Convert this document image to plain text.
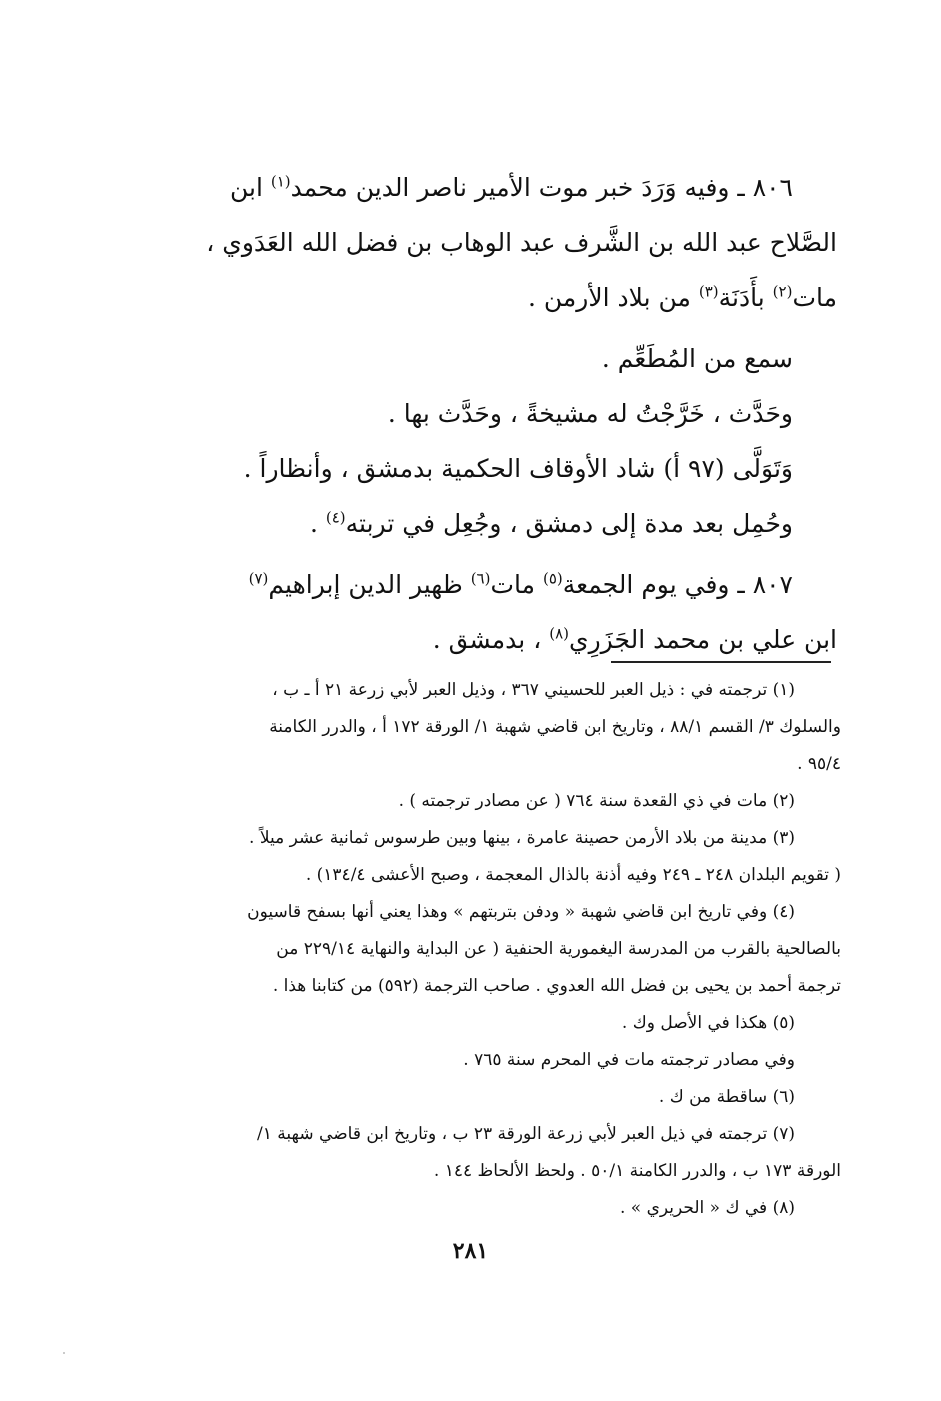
٨٠٦ ـ وفيه وَرَدَ خبر موت الأمير ناصر الدين محمد$^{(١)}$ ابن
الصَّلاح عبد الله بن الشَّرف عبد الوهاب بن فضل الله العَدَوي ،
مات$^{(٢)}$ بأَدَنَة$^{(٣)}$ من بلاد الأرمن .
سمع من المُطَعِّم .
وحَدَّث ، خَرَّجْتُ له مشيخةً ، وحَدَّث بها .
وَتَوَلَّى (٩٧ أ) شاد الأوقاف الحكمية بدمشق ، وأنظاراً .
وحُمِل بعد مدة إلى دمشق ، وجُعِل في تربته$^{(٤)}$ .
٨٠٧ ـ وفي يوم الجمعة$^{(٥)}$ مات$^{(٦)}$ ظهير الدين إبراهيم$^{(٧)}$
ابن علي بن محمد الجَزَرِي$^{(٨)}$ ، بدمشق .
(١) ترجمته في : ذيل العبر للحسيني ٣٦٧ ، وذيل العبر لأبي زرعة ٢١ أ ـ ب ،
والسلوك ٣/ القسم ٨٨/١ ، وتاريخ ابن قاضي شهبة ١/ الورقة ١٧٢ أ ، والدرر الكامنة
٩٥/٤ .
(٢) مات في ذي القعدة سنة ٧٦٤ ( عن مصادر ترجمته ) .
(٣) مدينة من بلاد الأرمن حصينة عامرة ، بينها وبين طرسوس ثمانية عشر ميلاً .
( تقويم البلدان ٢٤٨ ـ ٢٤٩ وفيه أذنة بالذال المعجمة ، وصبح الأعشى ١٣٤/٤) .
(٤) وفي تاريخ ابن قاضي شهبة « ودفن بتربتهم » وهذا يعني أنها بسفح قاسيون
بالصالحية بالقرب من المدرسة اليغمورية الحنفية ( عن البداية والنهاية ٢٢٩/١٤ من
ترجمة أحمد بن يحيى بن فضل الله العدوي . صاحب الترجمة (٥٩٢) من كتابنا هذا .
(٥) هكذا في الأصل وك .
وفي مصادر ترجمته مات في المحرم سنة ٧٦٥ .
(٦) ساقطة من ك .
(٧) ترجمته في ذيل العبر لأبي زرعة الورقة ٢٣ ب ، وتاريخ ابن قاضي شهبة ١/
الورقة ١٧٣ ب ، والدرر الكامنة ٥٠/١ . ولحظ الألحاظ ١٤٤ .
(٨) في ك « الحريري » .
٢٨١
